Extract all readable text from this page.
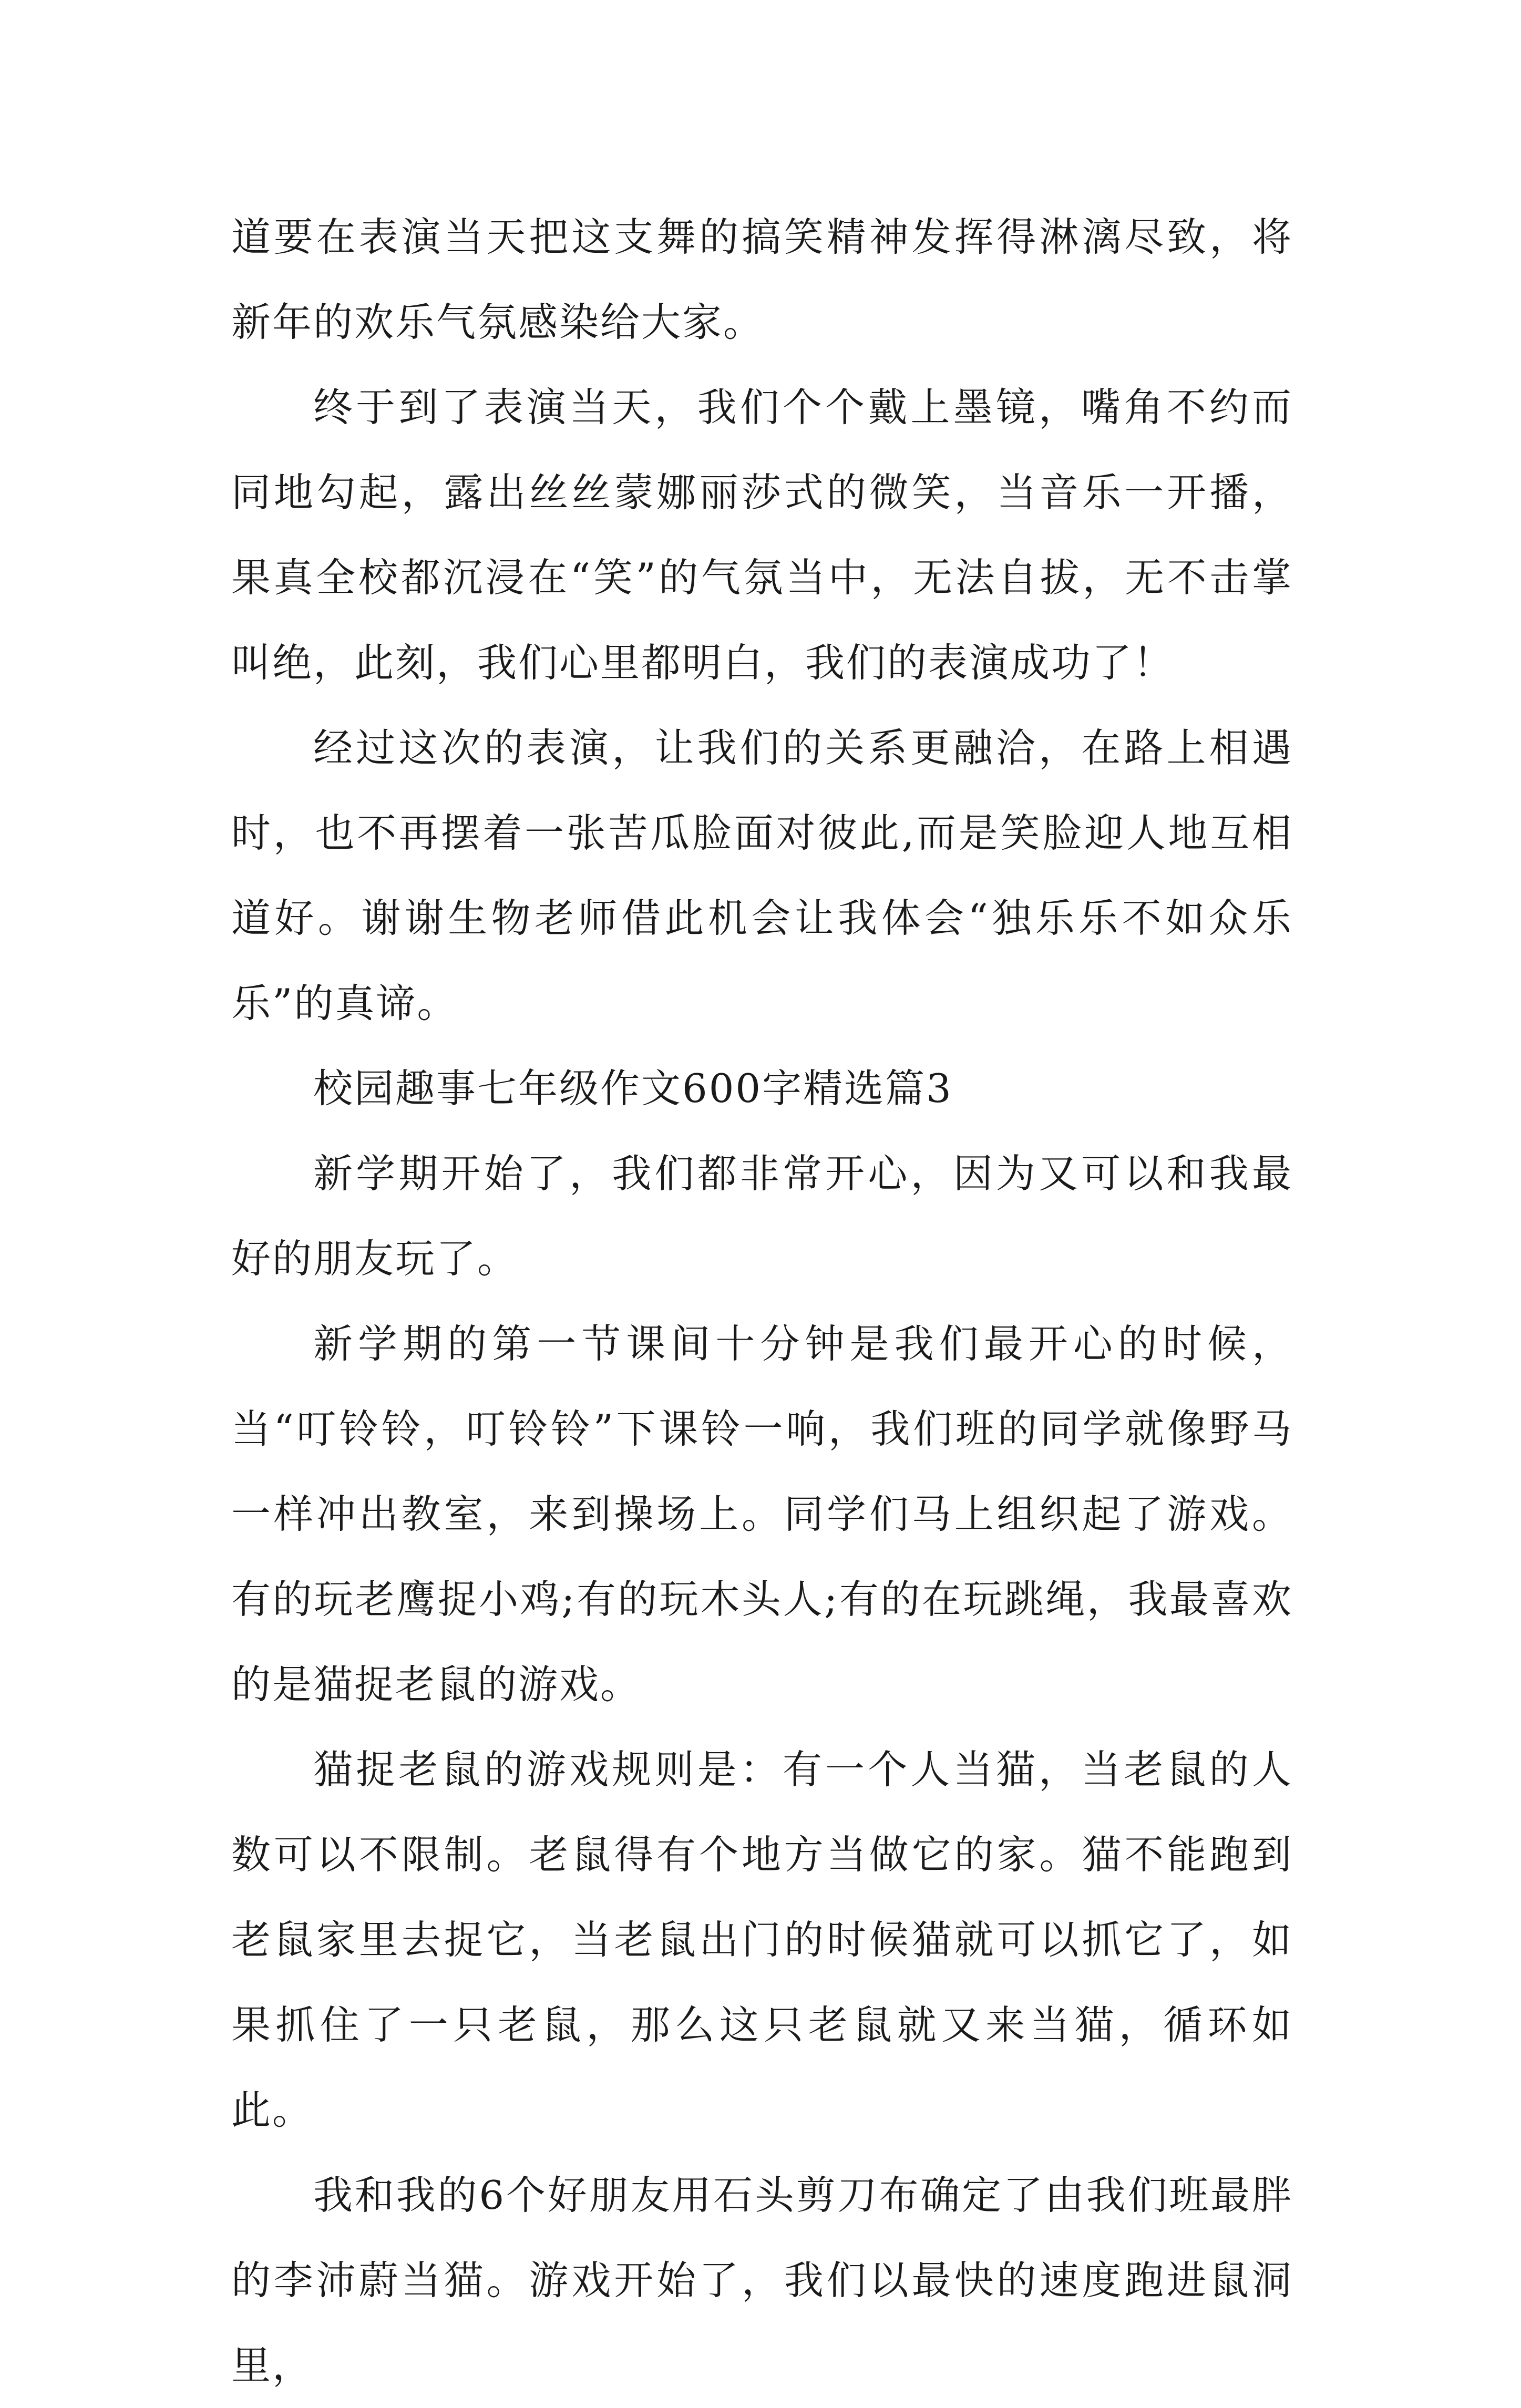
道要在表演当天把这支舞的搞笑精神发挥得淋漓尽致，将新年的欢乐气氛感染给大家。

终于到了表演当天，我们个个戴上墨镜，嘴角不约而同地勾起，露出丝丝蒙娜丽莎式的微笑，当音乐一开播，果真全校都沉浸在“笑”的气氛当中，无法自拔，无不击掌叫绝，此刻，我们心里都明白，我们的表演成功了！

经过这次的表演，让我们的关系更融洽，在路上相遇时，也不再摆着一张苦瓜脸面对彼此,而是笑脸迎人地互相道好。谢谢生物老师借此机会让我体会“独乐乐不如众乐乐”的真谛。

校园趣事七年级作文600字精选篇3

新学期开始了，我们都非常开心，因为又可以和我最好的朋友玩了。

新学期的第一节课间十分钟是我们最开心的时候，当“叮铃铃，叮铃铃”下课铃一响，我们班的同学就像野马一样冲出教室，来到操场上。同学们马上组织起了游戏。有的玩老鹰捉小鸡;有的玩木头人;有的在玩跳绳，我最喜欢的是猫捉老鼠的游戏。

猫捉老鼠的游戏规则是：有一个人当猫，当老鼠的人数可以不限制。老鼠得有个地方当做它的家。猫不能跑到老鼠家里去捉它，当老鼠出门的时候猫就可以抓它了，如果抓住了一只老鼠，那么这只老鼠就又来当猫，循环如此。

我和我的6个好朋友用石头剪刀布确定了由我们班最胖的李沛蔚当猫。游戏开始了，我们以最快的速度跑进鼠洞里，
